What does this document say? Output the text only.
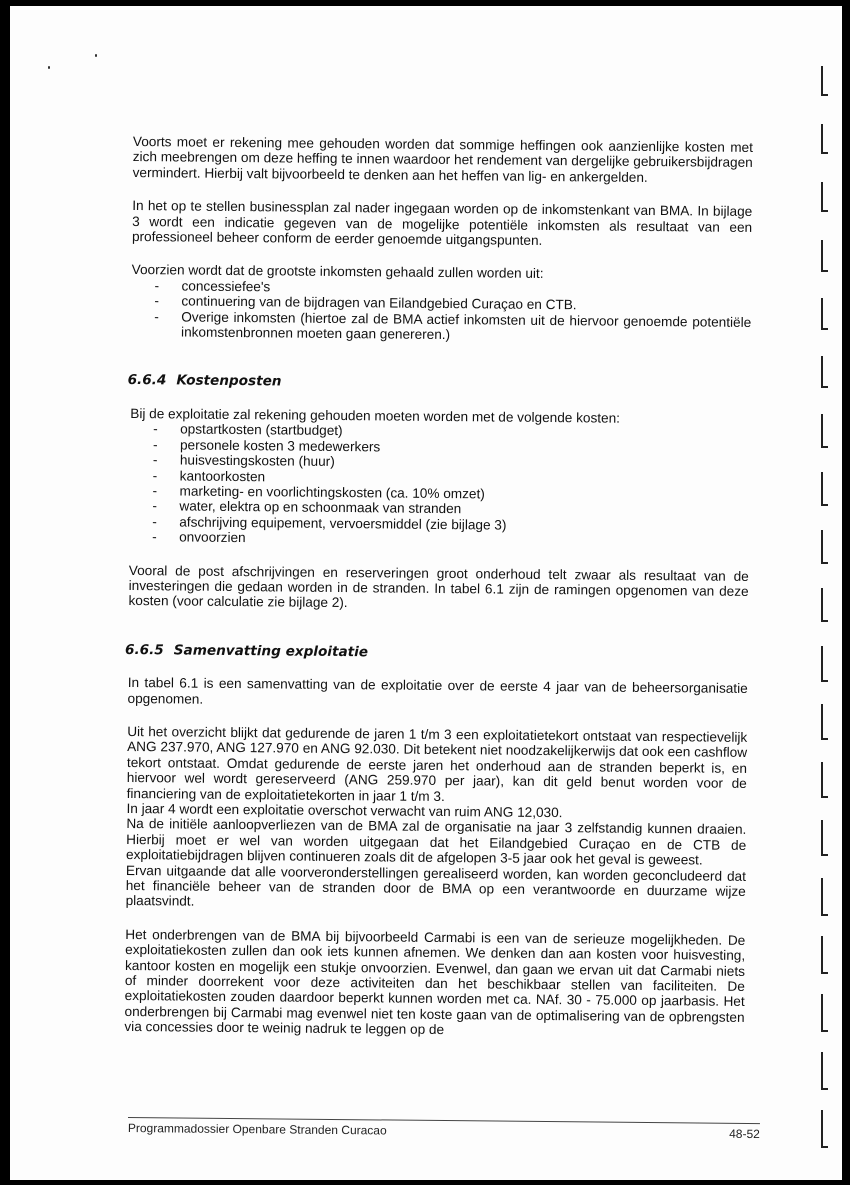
Voorts moet er rekening mee gehouden worden dat sommige heffingen ook aanzienlijke kosten met zich meebrengen om deze heffing te innen waardoor het rendement van dergelijke gebruikersbijdragen vermindert. Hierbij valt bijvoorbeeld te denken aan het heffen van lig- en ankergelden.

In het op te stellen businessplan zal nader ingegaan worden op de inkomstenkant van BMA. In bijlage 3 wordt een indicatie gegeven van de mogelijke potentiële inkomsten als resultaat van een professioneel beheer conform de eerder genoemde uitgangspunten.

Voorzien wordt dat de grootste inkomsten gehaald zullen worden uit:

- concessiefee's
- continuering van de bijdragen van Eilandgebied Curaçao en CTB.
- Overige inkomsten (hiertoe zal de BMA actief inkomsten uit de hiervoor genoemde potentiële inkomstenbronnen moeten gaan genereren.)
6.6.4 Kostenposten

Bij de exploitatie zal rekening gehouden moeten worden met de volgende kosten:

- opstartkosten (startbudget)
- personele kosten 3 medewerkers
- huisvestingskosten (huur)
- kantoorkosten
- marketing- en voorlichtingskosten (ca. 10% omzet)
- water, elektra op en schoonmaak van stranden
- afschrijving equipement, vervoersmiddel (zie bijlage 3)
- onvoorzien

Vooral de post afschrijvingen en reserveringen groot onderhoud telt zwaar als resultaat van de investeringen die gedaan worden in de stranden. In tabel 6.1 zijn de ramingen opgenomen van deze kosten (voor calculatie zie bijlage 2).

6.6.5 Samenvatting exploitatie

In tabel 6.1 is een samenvatting van de exploitatie over de eerste 4 jaar van de beheersorganisatie opgenomen.

Uit het overzicht blijkt dat gedurende de jaren 1 t/m 3 een exploitatietekort ontstaat van respectievelijk ANG 237.970, ANG 127.970 en ANG 92.030. Dit betekent niet noodzakelijkerwijs dat ook een cashflow tekort ontstaat. Omdat gedurende de eerste jaren het onderhoud aan de stranden beperkt is, en hiervoor wel wordt gereserveerd (ANG 259.970 per jaar), kan dit geld benut worden voor de financiering van de exploitatietekorten in jaar 1 t/m 3.

In jaar 4 wordt een exploitatie overschot verwacht van ruim ANG 12,030.

Na de initiële aanloopverliezen van de BMA zal de organisatie na jaar 3 zelfstandig kunnen draaien. Hierbij moet er wel van worden uitgegaan dat het Eilandgebied Curaçao en de CTB de exploitatiebijdragen blijven continueren zoals dit de afgelopen 3-5 jaar ook het geval is geweest.

Ervan uitgaande dat alle voorveronderstellingen gerealiseerd worden, kan worden geconcludeerd dat het financiële beheer van de stranden door de BMA op een verantwoorde en duurzame wijze plaatsvindt.

Het onderbrengen van de BMA bij bijvoorbeeld Carmabi is een van de serieuze mogelijkheden. De exploitatiekosten zullen dan ook iets kunnen afnemen. We denken dan aan kosten voor huisvesting, kantoor kosten en mogelijk een stukje onvoorzien. Evenwel, dan gaan we ervan uit dat Carmabi niets of minder doorrekent voor deze activiteiten dan het beschikbaar stellen van faciliteiten. De exploitatiekosten zouden daardoor beperkt kunnen worden met ca. NAf. 30 - 75.000 op jaarbasis. Het onderbrengen bij Carmabi mag evenwel niet ten koste gaan van de optimalisering van de opbrengsten via concessies door te weinig nadruk te leggen op de

Programmadossier Openbare Stranden Curacao	48-52
